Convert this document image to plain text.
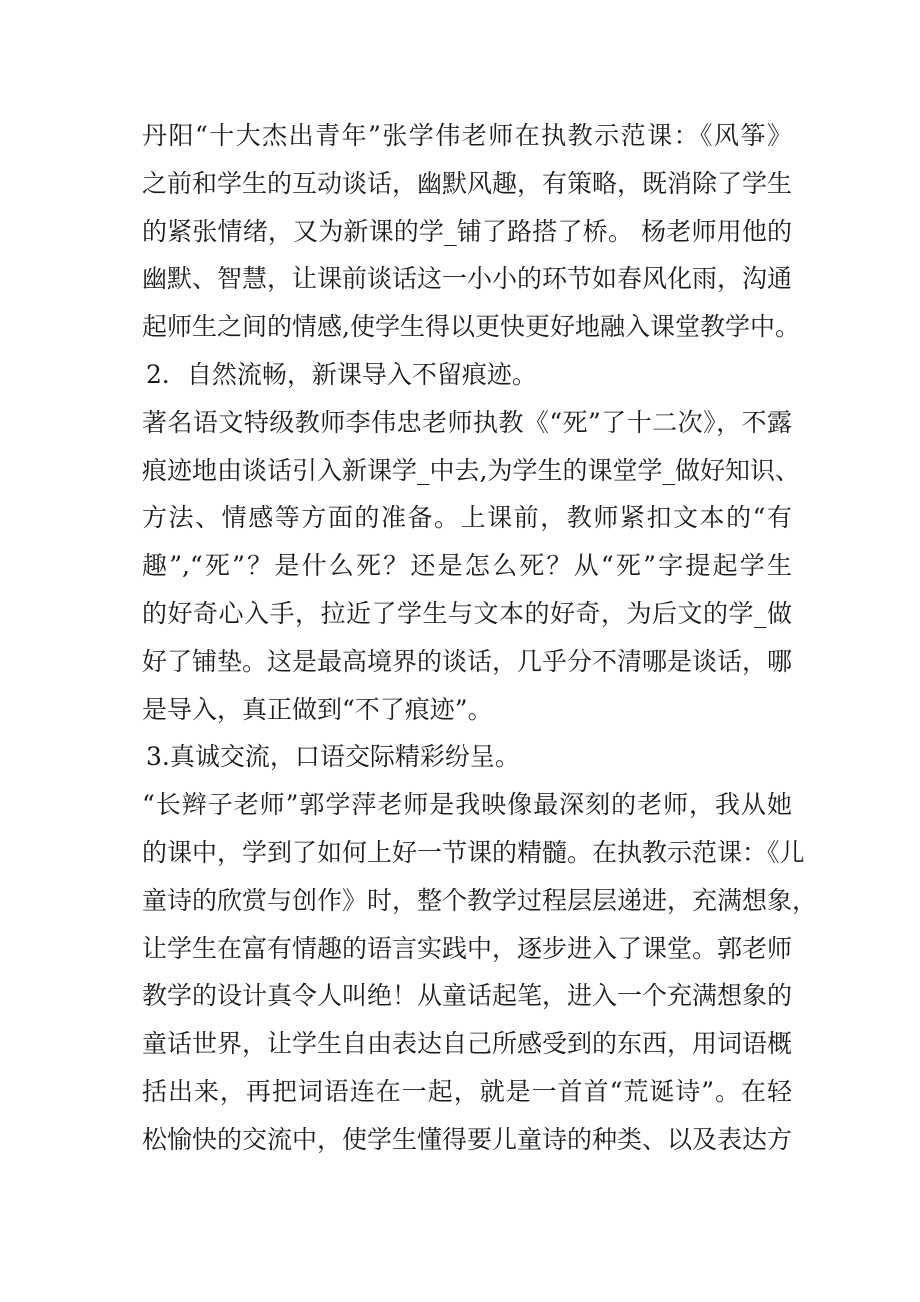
丹阳“十大杰出青年”张学伟老师在执教示范课：《风筝》
之前和学生的互动谈话，幽默风趣，有策略，既消除了学生
的紧张情绪，又为新课的学_铺了路搭了桥。 杨老师用他的
幽默、智慧，让课前谈话这一小小的环节如春风化雨，沟通
起师生之间的情感,使学生得以更快更好地融入课堂教学中。
2．自然流畅，新课导入不留痕迹。
著名语文特级教师李伟忠老师执教《“死”了十二次》，不露
痕迹地由谈话引入新课学_中去,为学生的课堂学_做好知识、
方法、情感等方面的准备。上课前，教师紧扣文本的“有
趣”,“死”？是什么死？还是怎么死？从“死”字提起学生
的好奇心入手，拉近了学生与文本的好奇，为后文的学_做
好了铺垫。这是最高境界的谈话，几乎分不清哪是谈话，哪
是导入，真正做到“不了痕迹”。
3.真诚交流，口语交际精彩纷呈。
“长辫子老师”郭学萍老师是我映像最深刻的老师，我从她
的课中，学到了如何上好一节课的精髓。在执教示范课：《儿
童诗的欣赏与创作》时，整个教学过程层层递进，充满想象，
让学生在富有情趣的语言实践中，逐步进入了课堂。郭老师
教学的设计真令人叫绝！从童话起笔，进入一个充满想象的
童话世界，让学生自由表达自己所感受到的东西，用词语概
括出来，再把词语连在一起，就是一首首“荒诞诗”。在轻
松愉快的交流中，使学生懂得要儿童诗的种类、以及表达方
